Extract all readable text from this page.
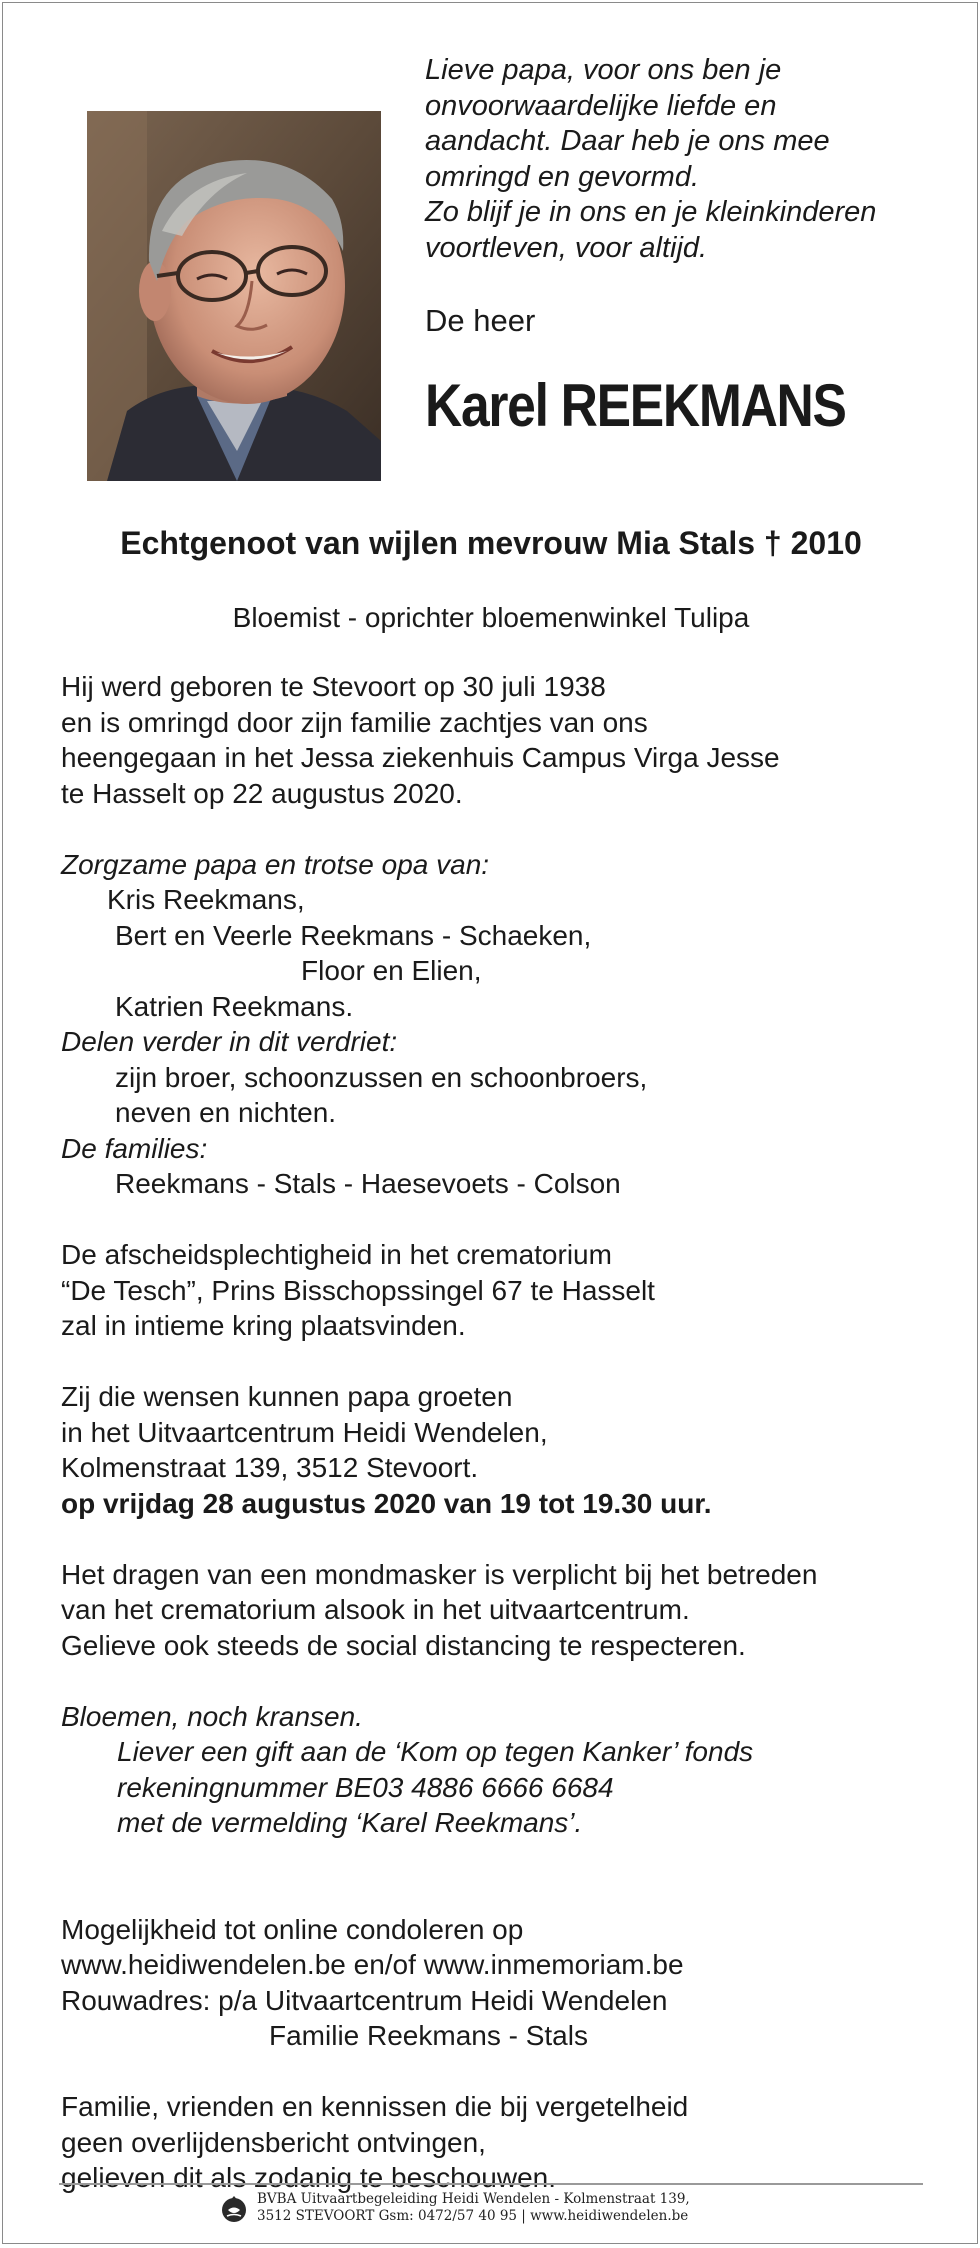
Lieve papa, voor ons ben je
onvoorwaardelijke liefde en
aandacht. Daar heb je ons mee
omringd en gevormd.
Zo blijf je in ons en je kleinkinderen
voortleven, voor altijd.
De heer
Karel REEKMANS
Echtgenoot van wijlen mevrouw Mia Stals † 2010
Bloemist - oprichter bloemenwinkel Tulipa
Hij werd geboren te Stevoort op 30 juli 1938
en is omringd door zijn familie zachtjes van ons
heengegaan in het Jessa ziekenhuis Campus Virga Jesse
te Hasselt op 22 augustus 2020.
Zorgzame papa en trotse opa van:
Kris Reekmans,
Bert en Veerle Reekmans - Schaeken,
Floor en Elien,
Katrien Reekmans.
Delen verder in dit verdriet:
zijn broer, schoonzussen en schoonbroers,
neven en nichten.
De families:
Reekmans - Stals - Haesevoets - Colson
De afscheidsplechtigheid in het crematorium
“De Tesch”, Prins Bisschopssingel 67 te Hasselt
zal in intieme kring plaatsvinden.
Zij die wensen kunnen papa groeten
in het Uitvaartcentrum Heidi Wendelen,
Kolmenstraat 139, 3512 Stevoort.
op vrijdag 28 augustus 2020 van 19 tot 19.30 uur.
Het dragen van een mondmasker is verplicht bij het betreden
van het crematorium alsook in het uitvaartcentrum.
Gelieve ook steeds de social distancing te respecteren.
Bloemen, noch kransen.
Liever een gift aan de ‘Kom op tegen Kanker’ fonds
rekeningnummer BE03 4886 6666 6684
met de vermelding ‘Karel Reekmans’.
Mogelijkheid tot online condoleren op
www.heidiwendelen.be en/of www.inmemoriam.be
Rouwadres: p/a Uitvaartcentrum Heidi Wendelen
Familie Reekmans - Stals
Familie, vrienden en kennissen die bij vergetelheid
geen overlijdensbericht ontvingen,
gelieven dit als zodanig te beschouwen.
BVBA Uitvaartbegeleiding Heidi Wendelen - Kolmenstraat 139,
3512 STEVOORT Gsm: 0472/57 40 95 | www.heidiwendelen.be
